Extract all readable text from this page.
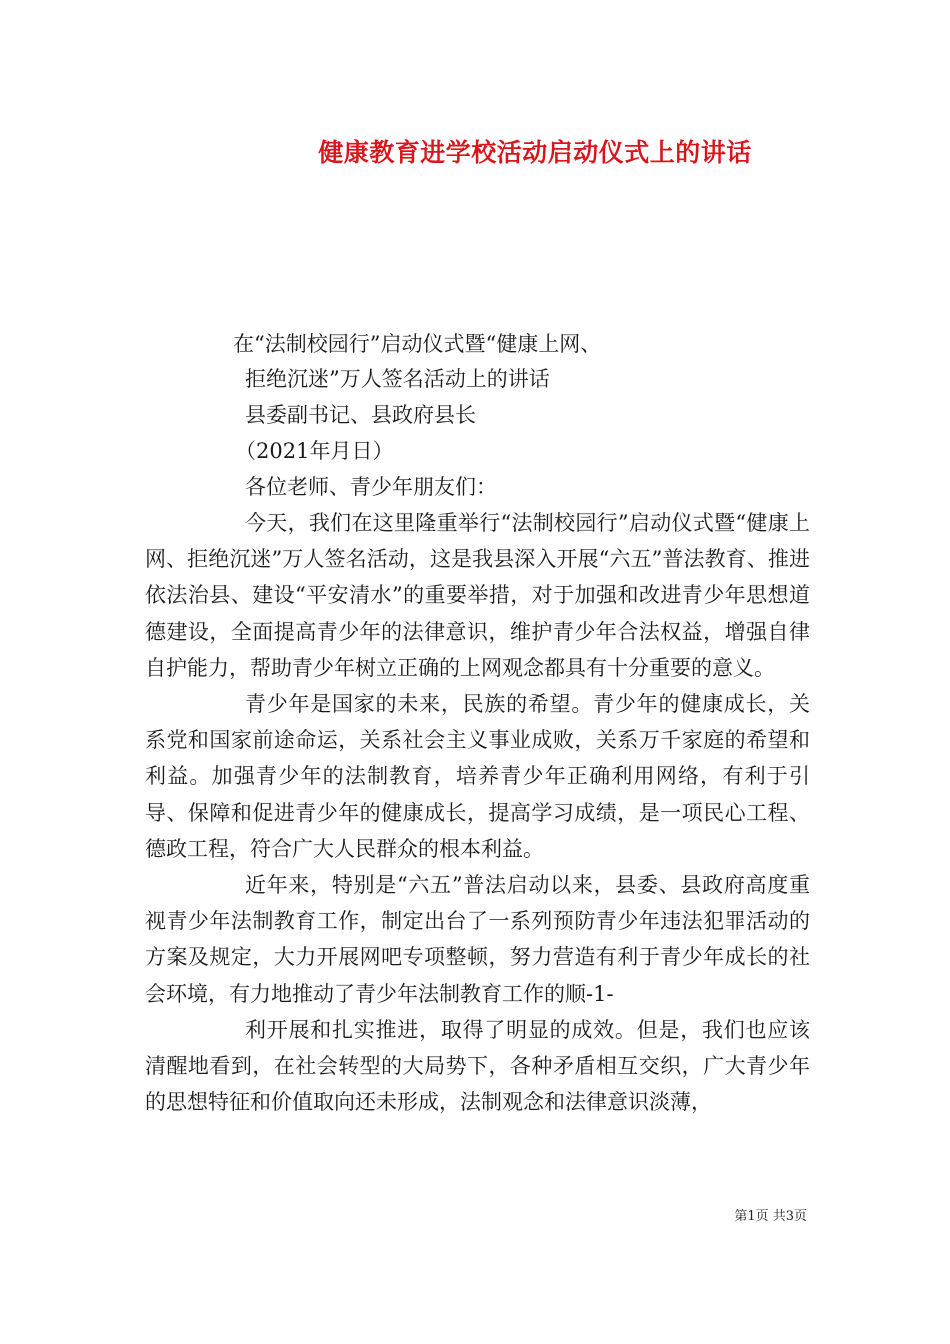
健康教育进学校活动启动仪式上的讲话
在“法制校园行”启动仪式暨“健康上网、
拒绝沉迷”万人签名活动上的讲话
县委副书记、县政府县长
（2021年月日）
各位老师、青少年朋友们：

今天，我们在这里隆重举行“法制校园行”启动仪式暨“健康上网、拒绝沉迷”万人签名活动，这是我县深入开展“六五”普法教育、推进依法治县、建设“平安清水”的重要举措，对于加强和改进青少年思想道德建设，全面提高青少年的法律意识，维护青少年合法权益，增强自律自护能力，帮助青少年树立正确的上网观念都具有十分重要的意义。

青少年是国家的未来，民族的希望。青少年的健康成长，关系党和国家前途命运，关系社会主义事业成败，关系万千家庭的希望和利益。加强青少年的法制教育，培养青少年正确利用网络，有利于引导、保障和促进青少年的健康成长，提高学习成绩，是一项民心工程、德政工程，符合广大人民群众的根本利益。

近年来，特别是“六五”普法启动以来，县委、县政府高度重视青少年法制教育工作，制定出台了一系列预防青少年违法犯罪活动的方案及规定，大力开展网吧专项整顿，努力营造有利于青少年成长的社会环境，有力地推动了青少年法制教育工作的顺-1-

利开展和扎实推进，取得了明显的成效。但是，我们也应该清醒地看到，在社会转型的大局势下，各种矛盾相互交织，广大青少年的思想特征和价值取向还未形成，法制观念和法律意识淡薄，

第1页 共3页
